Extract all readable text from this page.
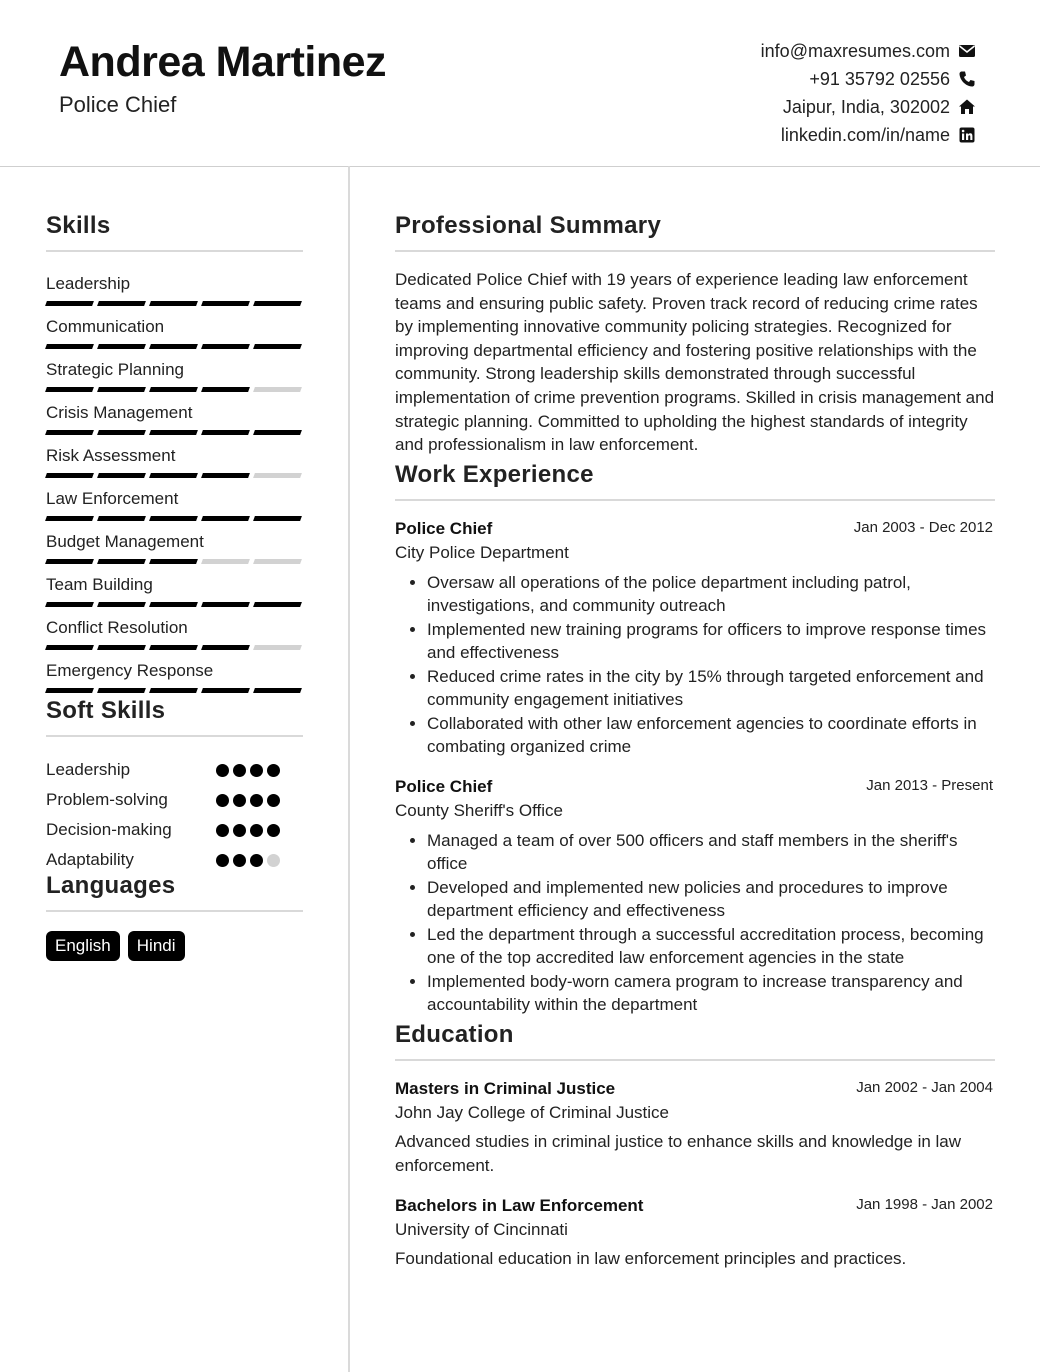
Andrea Martinez
Police Chief
info@maxresumes.com
+91 35792 02556
Jaipur, India, 302002
linkedin.com/in/name
Skills
Leadership
Communication
Strategic Planning
Crisis Management
Risk Assessment
Law Enforcement
Budget Management
Team Building
Conflict Resolution
Emergency Response
Soft Skills
Leadership
Problem-solving
Decision-making
Adaptability
Languages
English	Hindi
Professional Summary
Dedicated Police Chief with 19 years of experience leading law enforcement teams and ensuring public safety. Proven track record of reducing crime rates by implementing innovative community policing strategies. Recognized for improving departmental efficiency and fostering positive relationships with the community. Strong leadership skills demonstrated through successful implementation of crime prevention programs. Skilled in crisis management and strategic planning. Committed to upholding the highest standards of integrity and professionalism in law enforcement.
Work Experience
Police Chief	Jan 2003 - Dec 2012
City Police Department
• Oversaw all operations of the police department including patrol, investigations, and community outreach
• Implemented new training programs for officers to improve response times and effectiveness
• Reduced crime rates in the city by 15% through targeted enforcement and community engagement initiatives
• Collaborated with other law enforcement agencies to coordinate efforts in combating organized crime
Police Chief	Jan 2013 - Present
County Sheriff's Office
• Managed a team of over 500 officers and staff members in the sheriff's office
• Developed and implemented new policies and procedures to improve department efficiency and effectiveness
• Led the department through a successful accreditation process, becoming one of the top accredited law enforcement agencies in the state
• Implemented body-worn camera program to increase transparency and accountability within the department
Education
Masters in Criminal Justice	Jan 2002 - Jan 2004
John Jay College of Criminal Justice
Advanced studies in criminal justice to enhance skills and knowledge in law enforcement.
Bachelors in Law Enforcement	Jan 1998 - Jan 2002
University of Cincinnati
Foundational education in law enforcement principles and practices.
